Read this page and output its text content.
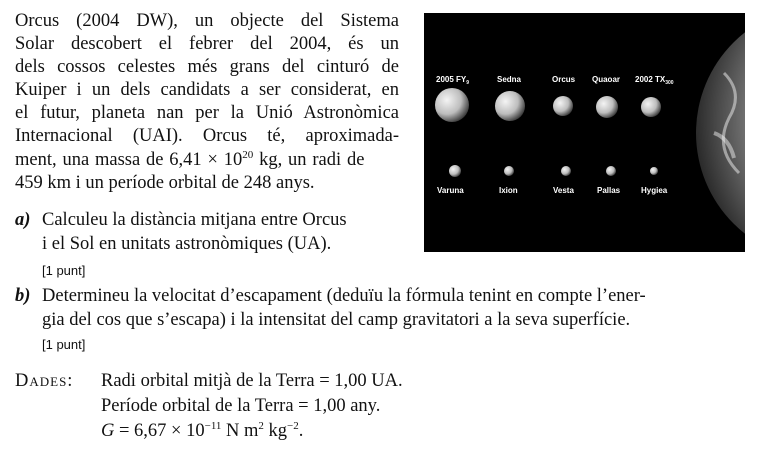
Orcus (2004 DW), un objecte del Sistema
Solar descobert el febrer del 2004, és un
dels cossos celestes més grans del cinturó de
Kuiper i un dels candidats a ser considerat, en
el futur, planeta nan per la Unió Astronòmica
Internacional (UAI). Orcus té, aproximada-
ment, una massa de $6,41 \times 10^{20}$ kg, un radi de
459 km i un període orbital de 248 anys.
a) Calculeu la distància mitjana entre Orcus
i el Sol en unitats astronòmiques (UA).
[1 punt]
b) Determineu la velocitat d’escapament (deduïu la fórmula tenint en compte l’ener-
gia del cos que s’escapa) i la intensitat del camp gravitatori a la seva superfície.
[1 punt]
2005 $FY_9$	Sedna	Orcus Quaoar 2002 $TX_{300}$
Varuna	Ixion	Vesta	Pallas	Hygiea
Dades: Radi orbital mitjà de la Terra = 1,00 UA.
Període orbital de la Terra = 1,00 any.
$G = 6,67 \times 10^{-11}$ N $m^2$ $kg^{-2}$.
